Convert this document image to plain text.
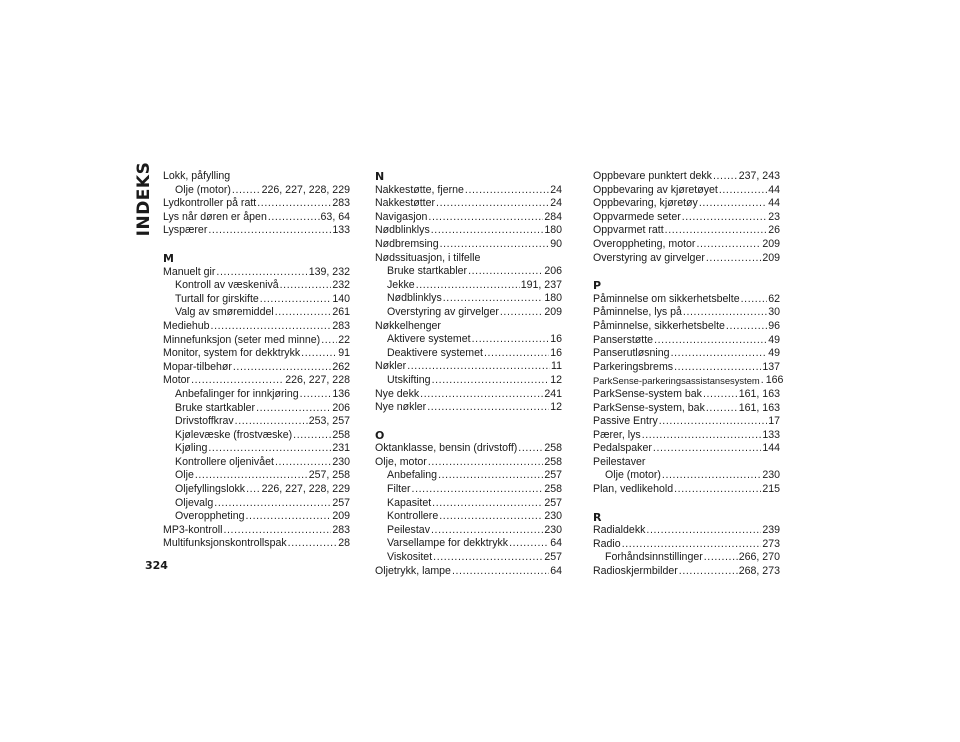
INDEKS Lokk, påfylling
Olje (motor) .....	226, 227, 228, 229
Lydkontroller på ratt .....	283
Lys når døren er åpen .....	63, 64
Lyspærer .....	133
M
Manuelt gir .....	139, 232
Kontroll av væskenivå .....	232
Turtall for girskifte .....	140
Valg av smøremiddel .....	261
Mediehub .....	283
Minnefunksjon (seter med minne) ..... 22
Monitor, system for dekktrykk .....	91
Mopar-tilbehør .....	262
Motor .....	226, 227, 228
Anbefalinger for innkjøring .....	136
Bruke startkabler .....	206
Drivstoffkrav .....	253, 257
Kjølevæske (frostvæske) .....	258
Kjøling .....	231
Kontrollere oljenivået .....	230
Olje .....	257, 258
Oljefyllingslokk ..... 226, 227, 228, 229
Oljevalg .....	257
Overoppheting .....	209
MP3-kontroll .....	283
Multifunksjonskontrollspak .....	28
N
Nakkestøtte, fjerne .....	24
Nakkestøtter .....	24
Navigasjon .....	284
Nødblinklys .....	180
Nødbremsing .....	90
Nødssituasjon, i tilfelle
Bruke startkabler .....	206
Jekke .....	191, 237
Nødblinklys .....	180
Overstyring av girvelger .....	209
Nøkkelhenger
Aktivere systemet .....	16
Deaktivere systemet .....	16
Nøkler .....	11
Utskifting .....	12
Nye dekk .....	241
Nye nøkler .....	12
O
Oktanklasse, bensin (drivstoff) .....	258
Olje, motor .....	258
Anbefaling .....	257
Filter .....	258
Kapasitet .....	257
Kontrollere .....	230
Peilestav .....	230
Varsellampe for dekktrykk .....	64
Viskositet .....	257
Oljetrykk, lampe .....	64
Oppbevare punktert dekk .....	237, 243
Oppbevaring av kjøretøyet .....	44
Oppbevaring, kjøretøy .....	44
Oppvarmede seter .....	23
Oppvarmet ratt .....	26
Overoppheting, motor .....	209
Overstyring av girvelger .....	209
P
Påminnelse om sikkerhetsbelte .....	62
Påminnelse, lys på .....	30
Påminnelse, sikkerhetsbelte .....	96
Panserstøtte .....	49
Panserutløsning .....	49
Parkeringsbrems .....	137
ParkSense-parkeringsassistansesystem ..... 166
ParkSense-system bak .....	161, 163
ParkSense-system, bak .....	161, 163
Passive Entry .....	17
Pærer, lys .....	133
Pedalspaker .....	144
Peilestaver
Olje (motor) .....	230
Plan, vedlikehold .....	215
R
Radialdekk .....	239
Radio .....	273
Forhåndsinnstillinger .....	266, 270
Radioskjermbilder .....	268, 273
324
